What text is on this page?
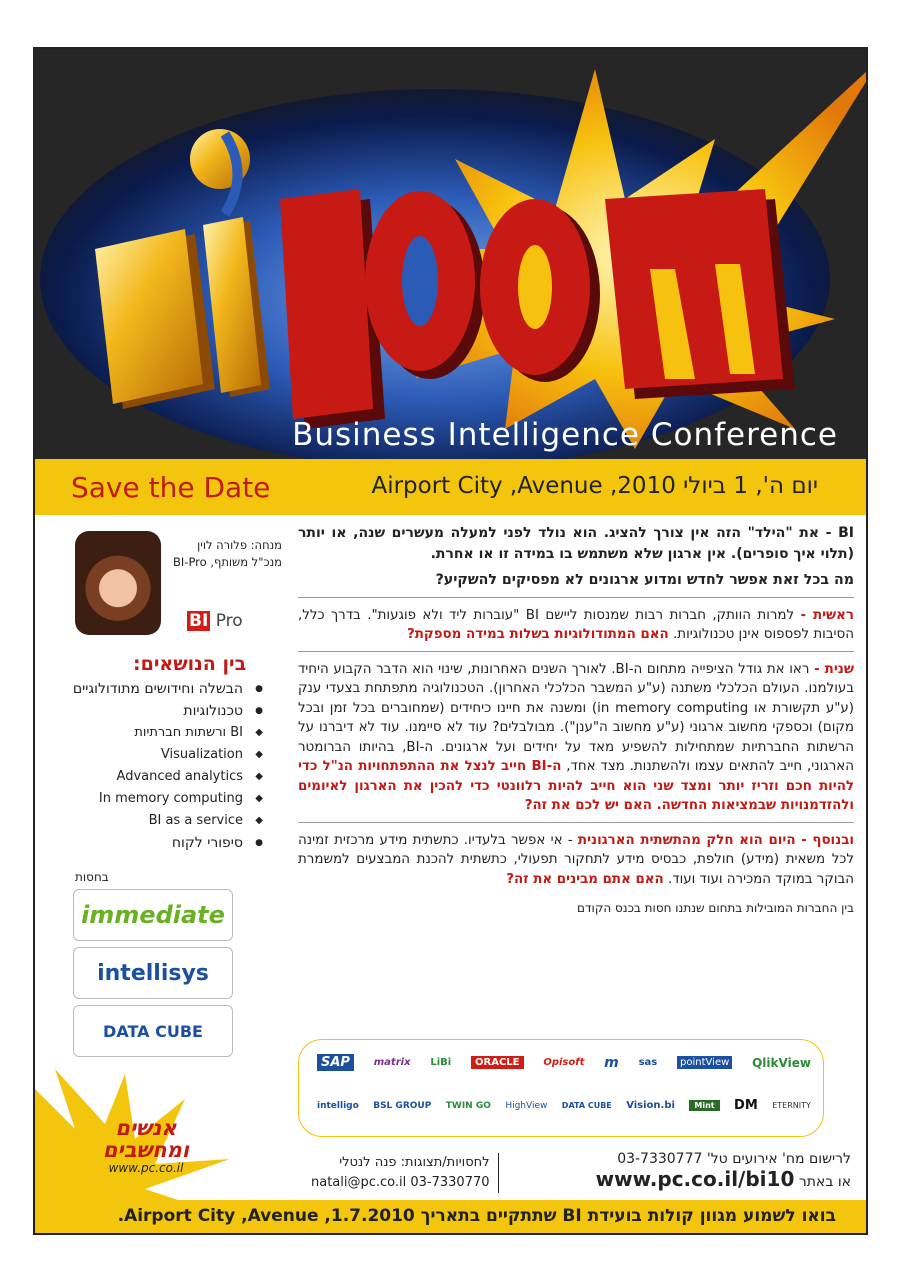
Business Intelligence Conference
Save the Date	יום ה', 1 ביולי 2010, Airport City ,Avenue
מנחה: פלורה לוין
מנכ"ל משותף, BI-Pro
BI Pro
בין הנושאים:
● הבשלה וחידושים מתודולוגיים
● טכנולוגיות
◆ BI ורשתות חברתיות
◆ Visualization
◆ Advanced analytics
◆ In memory computing
◆ BI as a service
● סיפורי לקוח
בחסות
immediate
intellisys
DATA CUBE

BI - את "הילד" הזה אין צורך להציג. הוא נולד לפני למעלה מעשרים שנה, או יותר (תלוי איך סופרים). אין ארגון שלא משתמש בו במידה זו או אחרת.

מה בכל זאת אפשר לחדש ומדוע ארגונים לא מפסיקים להשקיע?

ראשית - למרות הוותק, חברות רבות שמנסות ליישם BI "עוברות ליד ולא פוגעות". בדרך כלל, הסיבות לפספוס אינן טכנולוגיות. האם המתודולוגיות בשלות במידה מספקת?

שנית - ראו את גודל הציפייה מתחום ה-BI. לאורך השנים האחרונות, שינוי הוא הדבר הקבוע היחיד בעולמנו. העולם הכלכלי משתנה (ע"ע המשבר הכלכלי האחרון). הטכנולוגיה מתפתחת בצעדי ענק (ע"ע תקשורת או in memory computing) ומשנה את חיינו כיחידים (שמחוברים בכל זמן ובכל מקום) וכספקי מחשוב ארגוני (ע"ע מחשוב ה"ענן"). מבולבלים? עוד לא סיימנו. עוד לא דיברנו על הרשתות החברתיות שמתחילות להשפיע מאד על יחידים ועל ארגונים. ה-BI, בהיותו הברומטר הארגוני, חייב להתאים עצמו ולהשתנות. מצד אחד, ה-BI חייב לנצל את ההתפתחויות הנ"ל כדי להיות חכם וזריז יותר ומצד שני הוא חייב להיות רלוונטי כדי להכין את הארגון לאיומים ולהזדמנויות שבמציאות החדשה. האם יש לכם את זה?

ובנוסף - היום הוא חלק מהתשתית הארגונית - אי אפשר בלעדיו. כתשתית מידע מרכזית זמינה לכל משאית (מידע) חולפת, כבסיס מידע לתחקור תפעולי, כתשתית להכנת המבצעים למשמרת הבוקר במוקד המכירה ועוד ועוד. האם אתם מבינים את זה?

בין החברות המובילות בתחום שנתנו חסות בכנס הקודם

SAP	matrix LiBi	ORACLE	Opisoft m sas	pointView QlikView
intelligo BSL GROUP TWIN GO HighView DATA CUBE Vision.bi	Mint	DM ETERNITY
לרישום מח' אירועים טל' 03-7330777
או באתר www.pc.co.il/bi10
לחסויות/תצוגות: פנה לנטלי
natali@pc.co.il 03-7330770
אנשים
ומחשבים
www.pc.co.il
בואו לשמוע מגוון קולות בועידת BI שתתקיים בתאריך 1.7.2010, Airport City ,Avenue.
